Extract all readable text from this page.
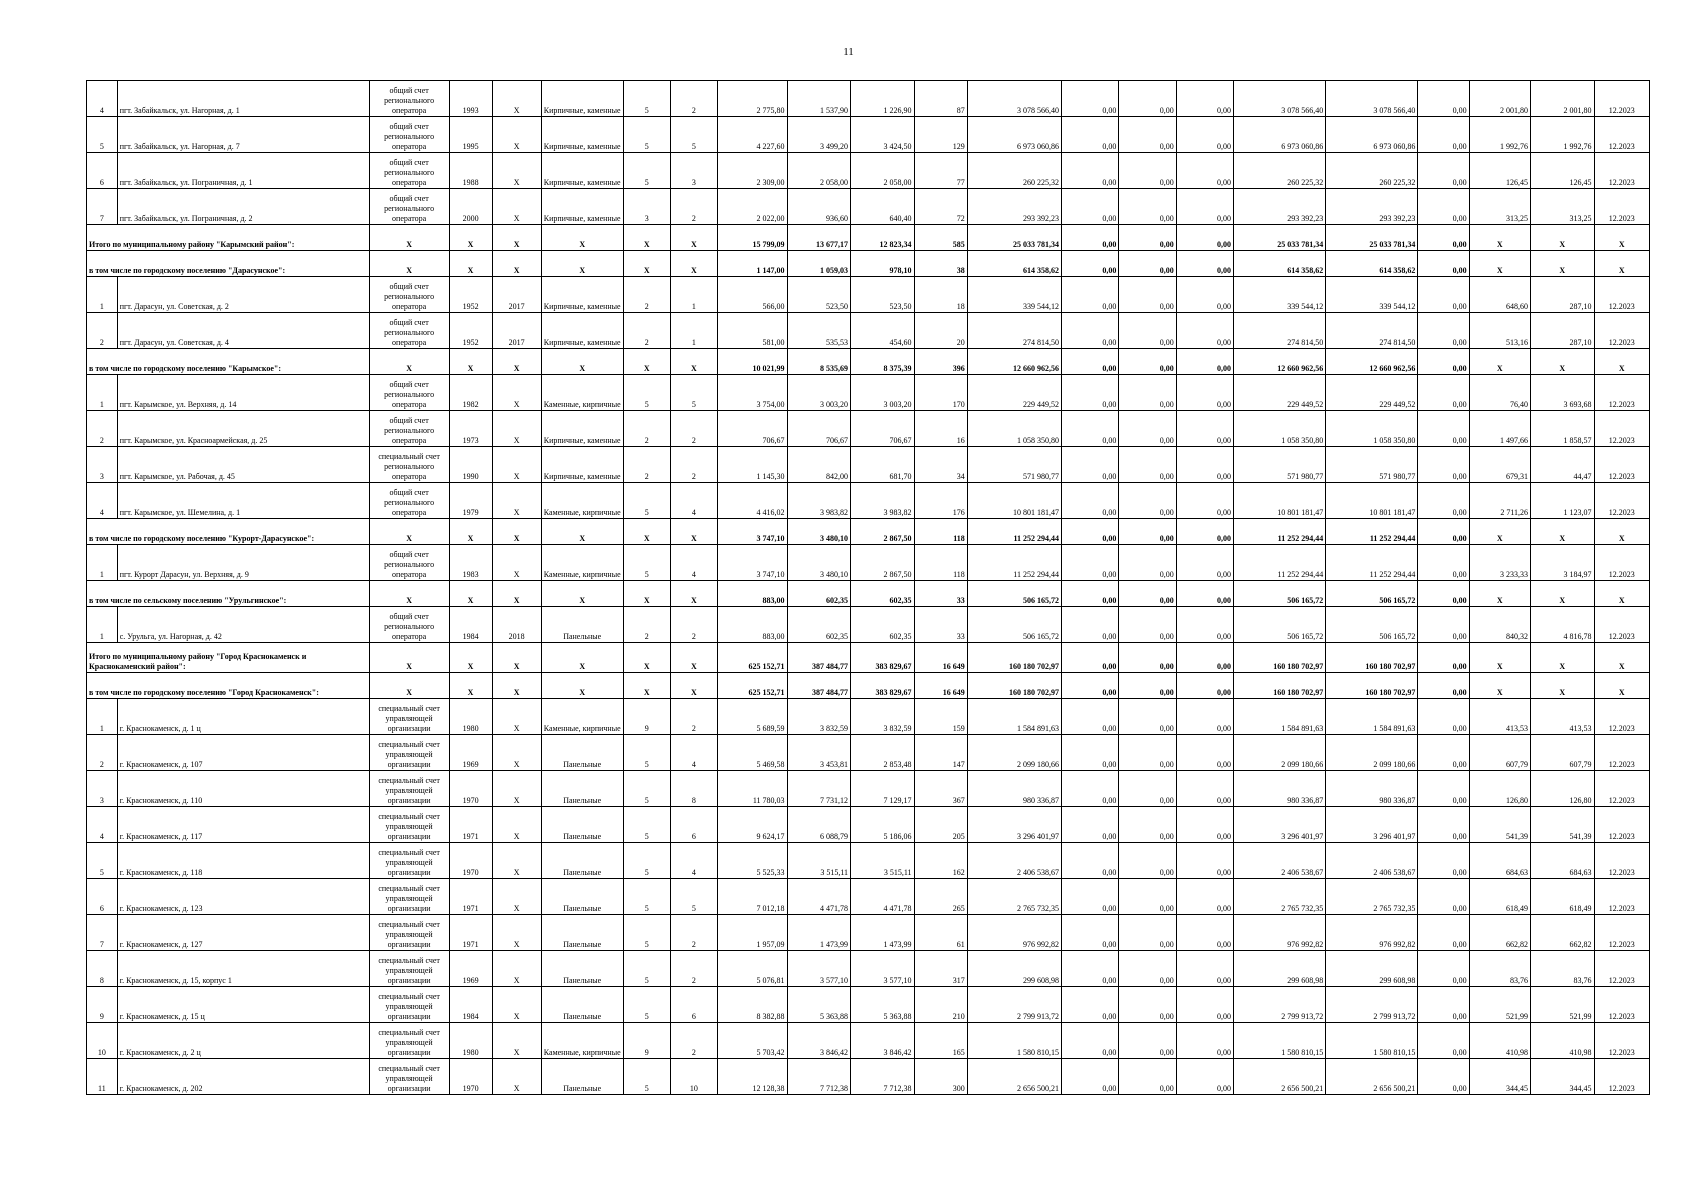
11
4	пгт. Забайкальск, ул. Нагорная, д. 1	общий счет регионального оператора	1993	X	Кирпичные, каменные	5	2	2 775,80	1 537,90	1 226,90	87	3 078 566,40	0,00	0,00	0,00	3 078 566,40	3 078 566,40	0,00	2 001,80	2 001,80	12.2023
5	пгт. Забайкальск, ул. Нагорная, д. 7	общий счет регионального оператора	1995	X	Кирпичные, каменные	5	5	4 227,60	3 499,20	3 424,50	129	6 973 060,86	0,00	0,00	0,00	6 973 060,86	6 973 060,86	0,00	1 992,76	1 992,76	12.2023
6	пгт. Забайкальск, ул. Пограничная, д. 1	общий счет регионального оператора	1988	X	Кирпичные, каменные	5	3	2 309,00	2 058,00	2 058,00	77	260 225,32	0,00	0,00	0,00	260 225,32	260 225,32	0,00	126,45	126,45	12.2023
7	пгт. Забайкальск, ул. Пограничная, д. 2	общий счет регионального оператора	2000	X	Кирпичные, каменные	3	2	2 022,00	936,60	640,40	72	293 392,23	0,00	0,00	0,00	293 392,23	293 392,23	0,00	313,25	313,25	12.2023
Итого по муниципальному району "Карымский район":		X	X	X	X	X	X	15 799,09	13 677,17	12 823,34	585	25 033 781,34	0,00	0,00	0,00	25 033 781,34	25 033 781,34	0,00	X	X	X
в том числе по городскому поселению "Дарасунское":		X	X	X	X	X	X	1 147,00	1 059,03	978,10	38	614 358,62	0,00	0,00	0,00	614 358,62	614 358,62	0,00	X	X	X
1	пгт. Дарасун, ул. Советская, д. 2	общий счет регионального оператора	1952	2017	Кирпичные, каменные	2	1	566,00	523,50	523,50	18	339 544,12	0,00	0,00	0,00	339 544,12	339 544,12	0,00	648,60	287,10	12.2023
2	пгт. Дарасун, ул. Советская, д. 4	общий счет регионального оператора	1952	2017	Кирпичные, каменные	2	1	581,00	535,53	454,60	20	274 814,50	0,00	0,00	0,00	274 814,50	274 814,50	0,00	513,16	287,10	12.2023
в том числе по городскому поселению "Карымское":		X	X	X	X	X	X	10 021,99	8 535,69	8 375,39	396	12 660 962,56	0,00	0,00	0,00	12 660 962,56	12 660 962,56	0,00	X	X	X
1	пгт. Карымское, ул. Верхняя, д. 14	общий счет регионального оператора	1982	X	Каменные, кирпичные	5	5	3 754,00	3 003,20	3 003,20	170	229 449,52	0,00	0,00	0,00	229 449,52	229 449,52	0,00	76,40	3 693,68	12.2023
2	пгт. Карымское, ул. Красноармейская, д. 25	общий счет регионального оператора	1973	X	Кирпичные, каменные	2	2	706,67	706,67	706,67	16	1 058 350,80	0,00	0,00	0,00	1 058 350,80	1 058 350,80	0,00	1 497,66	1 858,57	12.2023
3	пгт. Карымское, ул. Рабочая, д. 45	специальный счет регионального оператора	1990	X	Кирпичные, каменные	2	2	1 145,30	842,00	681,70	34	571 980,77	0,00	0,00	0,00	571 980,77	571 980,77	0,00	679,31	44,47	12.2023
4	пгт. Карымское, ул. Шемелина, д. 1	общий счет регионального оператора	1979	X	Каменные, кирпичные	5	4	4 416,02	3 983,82	3 983,82	176	10 801 181,47	0,00	0,00	0,00	10 801 181,47	10 801 181,47	0,00	2 711,26	1 123,07	12.2023
в том числе по городскому поселению "Курорт-Дарасунское":		X	X	X	X	X	X	3 747,10	3 480,10	2 867,50	118	11 252 294,44	0,00	0,00	0,00	11 252 294,44	11 252 294,44	0,00	X	X	X
1	пгт. Курорт Дарасун, ул. Верхняя, д. 9	общий счет регионального оператора	1983	X	Каменные, кирпичные	5	4	3 747,10	3 480,10	2 867,50	118	11 252 294,44	0,00	0,00	0,00	11 252 294,44	11 252 294,44	0,00	3 233,33	3 184,97	12.2023
в том числе по сельскому поселению "Урульгинское":		X	X	X	X	X	X	883,00	602,35	602,35	33	506 165,72	0,00	0,00	0,00	506 165,72	506 165,72	0,00	X	X	X
1	с. Урульга, ул. Нагорная, д. 42	общий счет регионального оператора	1984	2018	Панельные	2	2	883,00	602,35	602,35	33	506 165,72	0,00	0,00	0,00	506 165,72	506 165,72	0,00	840,32	4 816,78	12.2023
Итого по муниципальному району "Город Краснокаменск и Краснокаменский район":		X	X	X	X	X	X	625 152,71	387 484,77	383 829,67	16 649	160 180 702,97	0,00	0,00	0,00	160 180 702,97	160 180 702,97	0,00	X	X	X
в том числе по городскому поселению "Город Краснокаменск":		X	X	X	X	X	X	625 152,71	387 484,77	383 829,67	16 649	160 180 702,97	0,00	0,00	0,00	160 180 702,97	160 180 702,97	0,00	X	X	X
1	г. Краснокаменск, д. 1 ц	специальный счет управляющей организации	1980	X	Каменные, кирпичные	9	2	5 689,59	3 832,59	3 832,59	159	1 584 891,63	0,00	0,00	0,00	1 584 891,63	1 584 891,63	0,00	413,53	413,53	12.2023
2	г. Краснокаменск, д. 107	специальный счет управляющей организации	1969	X	Панельные	5	4	5 469,58	3 453,81	2 853,48	147	2 099 180,66	0,00	0,00	0,00	2 099 180,66	2 099 180,66	0,00	607,79	607,79	12.2023
3	г. Краснокаменск, д. 110	специальный счет управляющей организации	1970	X	Панельные	5	8	11 780,03	7 731,12	7 129,17	367	980 336,87	0,00	0,00	0,00	980 336,87	980 336,87	0,00	126,80	126,80	12.2023
4	г. Краснокаменск, д. 117	специальный счет управляющей организации	1971	X	Панельные	5	6	9 624,17	6 088,79	5 186,06	205	3 296 401,97	0,00	0,00	0,00	3 296 401,97	3 296 401,97	0,00	541,39	541,39	12.2023
5	г. Краснокаменск, д. 118	специальный счет управляющей организации	1970	X	Панельные	5	4	5 525,33	3 515,11	3 515,11	162	2 406 538,67	0,00	0,00	0,00	2 406 538,67	2 406 538,67	0,00	684,63	684,63	12.2023
6	г. Краснокаменск, д. 123	специальный счет управляющей организации	1971	X	Панельные	5	5	7 012,18	4 471,78	4 471,78	265	2 765 732,35	0,00	0,00	0,00	2 765 732,35	2 765 732,35	0,00	618,49	618,49	12.2023
7	г. Краснокаменск, д. 127	специальный счет управляющей организации	1971	X	Панельные	5	2	1 957,09	1 473,99	1 473,99	61	976 992,82	0,00	0,00	0,00	976 992,82	976 992,82	0,00	662,82	662,82	12.2023
8	г. Краснокаменск, д. 15, корпус 1	специальный счет управляющей организации	1969	X	Панельные	5	2	5 076,81	3 577,10	3 577,10	317	299 608,98	0,00	0,00	0,00	299 608,98	299 608,98	0,00	83,76	83,76	12.2023
9	г. Краснокаменск, д. 15 ц	специальный счет управляющей организации	1984	X	Панельные	5	6	8 382,88	5 363,88	5 363,88	210	2 799 913,72	0,00	0,00	0,00	2 799 913,72	2 799 913,72	0,00	521,99	521,99	12.2023
10	г. Краснокаменск, д. 2 ц	специальный счет управляющей организации	1980	X	Каменные, кирпичные	9	2	5 703,42	3 846,42	3 846,42	165	1 580 810,15	0,00	0,00	0,00	1 580 810,15	1 580 810,15	0,00	410,98	410,98	12.2023
11	г. Краснокаменск, д. 202	специальный счет управляющей организации	1970	X	Панельные	5	10	12 128,38	7 712,38	7 712,38	300	2 656 500,21	0,00	0,00	0,00	2 656 500,21	2 656 500,21	0,00	344,45	344,45	12.2023
